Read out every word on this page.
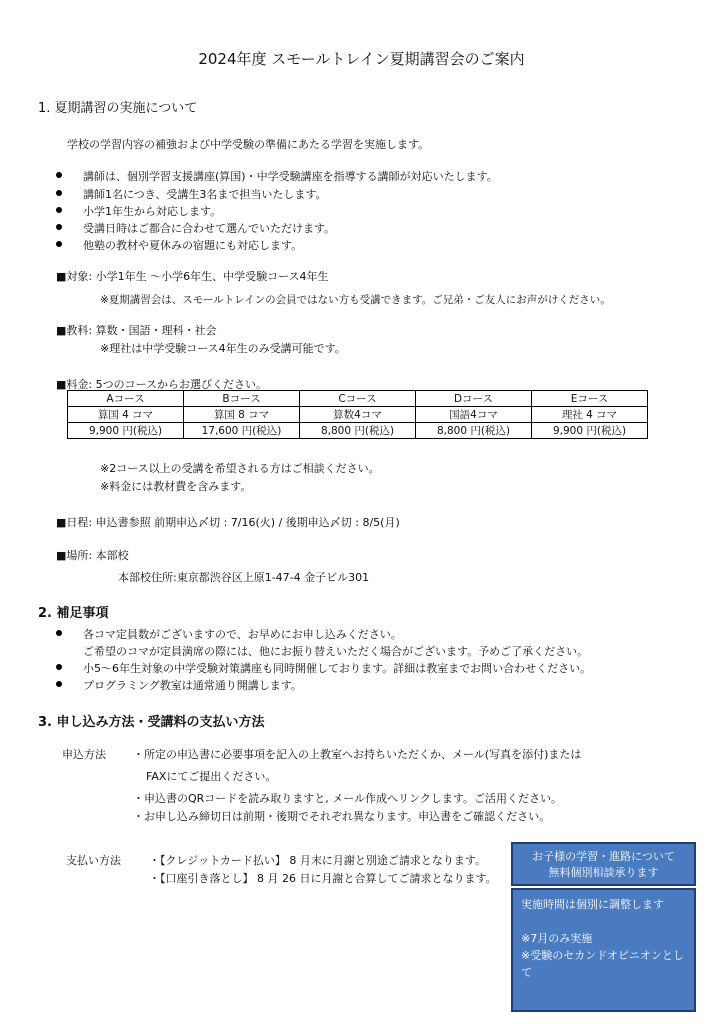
2024年度 スモールトレイン夏期講習会のご案内
1. 夏期講習の実施について
学校の学習内容の補強および中学受験の準備にあたる学習を実施します。
講師は、個別学習支援講座(算国)・中学受験講座を指導する講師が対応いたします。
講師1名につき、受講生3名まで担当いたします。
小学1年生から対応します。
受講日時はご都合に合わせて選んでいただけます。
他塾の教材や夏休みの宿題にも対応します。
■対象: 小学1年生 ～小学6年生、中学受験コース4年生
※夏期講習会は、スモールトレインの会員ではない方も受講できます。ご兄弟・ご友人にお声がけください。
■教科: 算数・国語・理科・社会
※理社は中学受験コース4年生のみ受講可能です。
■料金: 5つのコースからお選びください。
Aコース	Bコース	Cコース	Dコース	Eコース
算国 4 コマ	算国 8 コマ	算数4コマ	国語4コマ	理社 4 コマ
9,900 円(税込)	17,600 円(税込)	8,800 円(税込)	8,800 円(税込)	9,900 円(税込)
※2コース以上の受講を希望される方はご相談ください。
※料金には教材費を含みます。
■日程: 申込書参照 前期申込〆切 : 7/16(火) / 後期申込〆切 : 8/5(月)
■場所: 本部校
本部校住所:東京都渋谷区上原1-47-4 金子ビル301
2. 補足事項
各コマ定員数がございますので、お早めにお申し込みください。
ご希望のコマが定員満席の際には、他にお振り替えいただく場合がございます。予めご了承ください。
小5～6年生対象の中学受験対策講座も同時開催しております。詳細は教室までお問い合わせください。
プログラミング教室は通常通り開講します。
3. 申し込み方法・受講料の支払い方法
申込方法 ・所定の申込書に必要事項を記入の上教室へお持ちいただくか、メール(写真を添付)または
FAXにてご提出ください。
・申込書のQRコードを読み取りますと, メール作成へリンクします。ご活用ください。
・お申し込み締切日は前期・後期でそれぞれ異なります。申込書をご確認ください。
支払い方法	・【クレジットカード払い】 8 月末に月謝と別途ご請求となります。
・【口座引き落とし】 8 月 26 日に月謝と合算してご請求となります。
お子様の学習・進路について
無料個別相談承ります
実施時間は個別に調整します
※7月のみ実施
※受験のセカンドオピニオンとして
